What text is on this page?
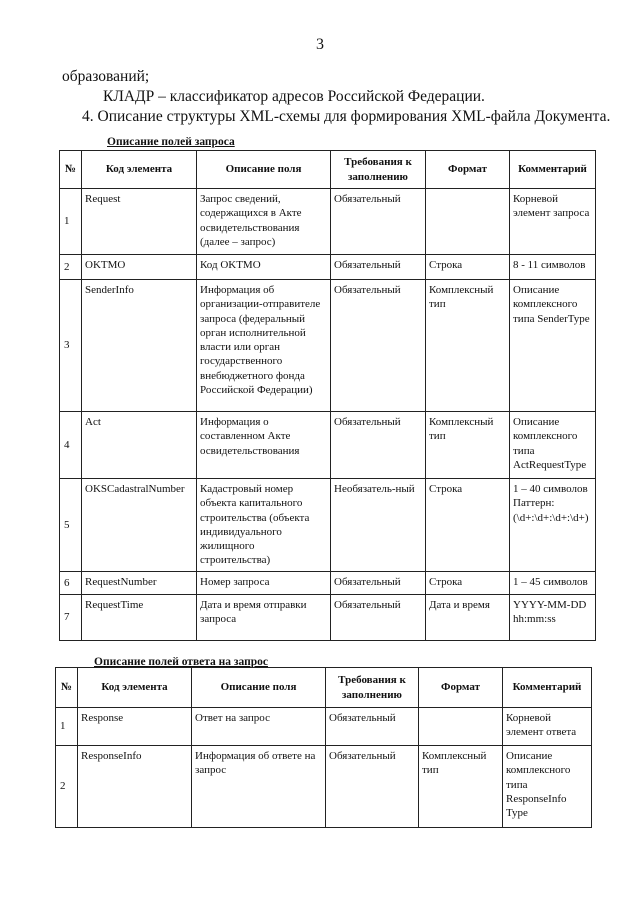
3
образований;
КЛАДР – классификатор адресов Российской Федерации.
4. Описание структуры XML-схемы для формирования XML-файла Документа.
Описание полей запроса
№	Код элемента	Описание поля	Требования к заполнению	Формат	Комментарий
1	Request	Запрос сведений, содержащихся в Акте освидетельствования (далее – запрос)	Обязательный		Корневой элемент запроса
2	OKTMO	Код OKTMO	Обязательный	Строка	8 - 11 символов
3	SenderInfo	Информация об организации-отправителе запроса (федеральный орган исполнительной власти или орган государственного внебюджетного фонда Российской Федерации)	Обязательный	Комплексный тип	Описание комплексного типа SenderType
4	Act	Информация о составленном Акте освидетельствования	Обязательный	Комплексный тип	Описание комплексного типа ActRequestType
5	OKSCadastralNumber	Кадастровый номер объекта капитального строительства (объекта индивидуального жилищного строительства)	Необязатель-ный	Строка	1 – 40 символов Паттерн: (\d+:\d+:\d+:\d+)
6	RequestNumber	Номер запроса	Обязательный	Строка	1 – 45 символов
7	RequestTime	Дата и время отправки запроса	Обязательный	Дата и время	YYYY-MM-DD hh:mm:ss
Описание полей ответа на запрос
№	Код элемента	Описание поля	Требования к заполнению	Формат	Комментарий
1	Response	Ответ на запрос	Обязательный		Корневой элемент ответа
2	ResponseInfo	Информация об ответе на запрос	Обязательный	Комплексный тип	Описание комплексного типа ResponseInfo Type
